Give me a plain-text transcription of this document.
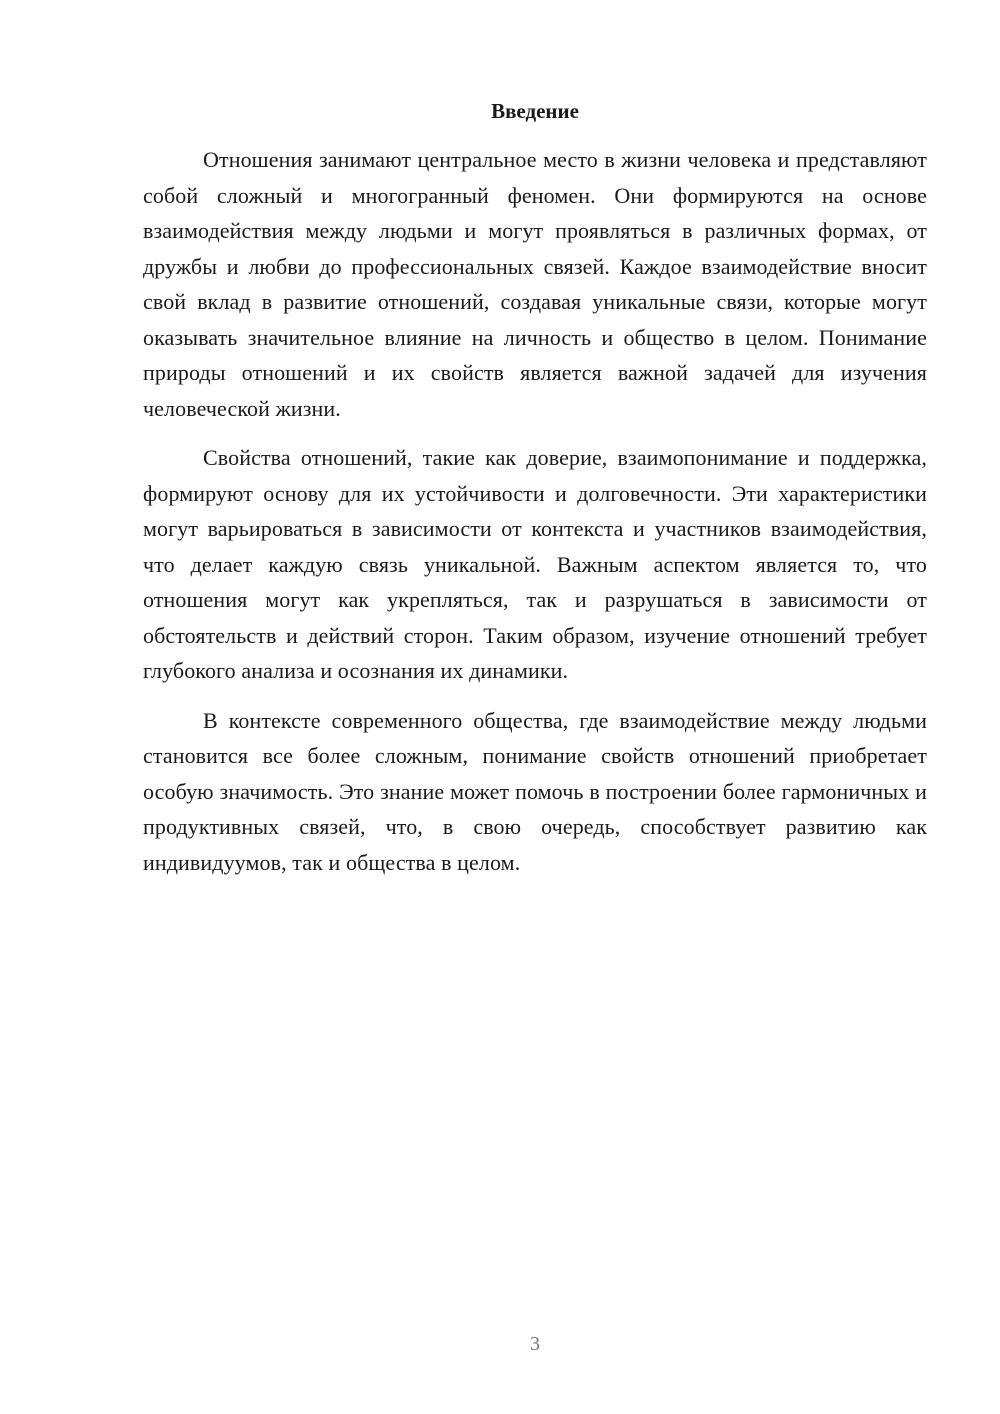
Введение

Отношения занимают центральное место в жизни человека и представляют собой сложный и многогранный феномен. Они формируются на основе взаимодействия между людьми и могут проявляться в различных формах, от дружбы и любви до профессиональных связей. Каждое взаимодействие вносит свой вклад в развитие отношений, создавая уникальные связи, которые могут оказывать значительное влияние на личность и общество в целом. Понимание природы отношений и их свойств является важной задачей для изучения человеческой жизни.

Свойства отношений, такие как доверие, взаимопонимание и поддержка, формируют основу для их устойчивости и долговечности. Эти характеристики могут варьироваться в зависимости от контекста и участников взаимодействия, что делает каждую связь уникальной. Важным аспектом является то, что отношения могут как укрепляться, так и разрушаться в зависимости от обстоятельств и действий сторон. Таким образом, изучение отношений требует глубокого анализа и осознания их динамики.

В контексте современного общества, где взаимодействие между людьми становится все более сложным, понимание свойств отношений приобретает особую значимость. Это знание может помочь в построении более гармоничных и продуктивных связей, что, в свою очередь, способствует развитию как индивидуумов, так и общества в целом.

3
